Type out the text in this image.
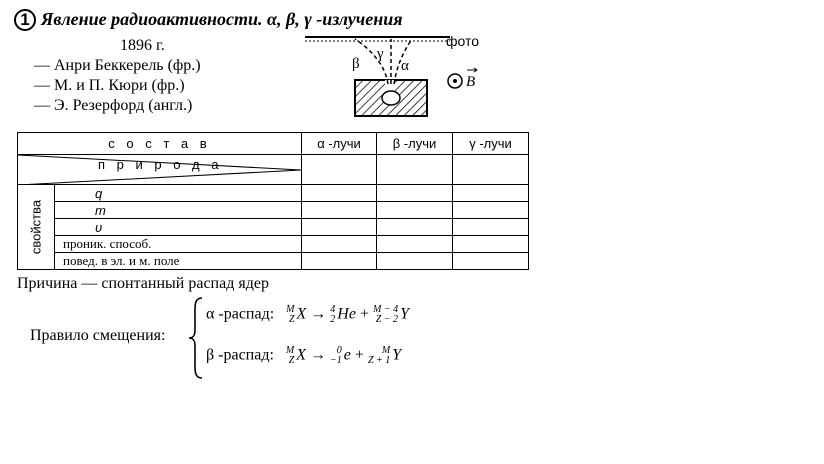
1 Явление радиоактивности. α, β, γ -излучения
1896 г.
— Анри Беккерель (фр.)
— М. и П. Кюри (фр.)
— Э. Резерфорд (англ.)
фото
β
γ
α
B
с о с т а в		α -лучи	β -лучи	γ -лучи

п р и р о д а				

свойства	q			
	m			
	υ			
	проник. способ.			
	повед. в эл. и м. поле			
Причина — спонтанный распад ядер
Правило смещения:
α -распад: M
Z X → 4
2 He + M − 4
Z − 2 Y
β -распад: M
Z X → 0
−1 e + M
Z + 1 Y
